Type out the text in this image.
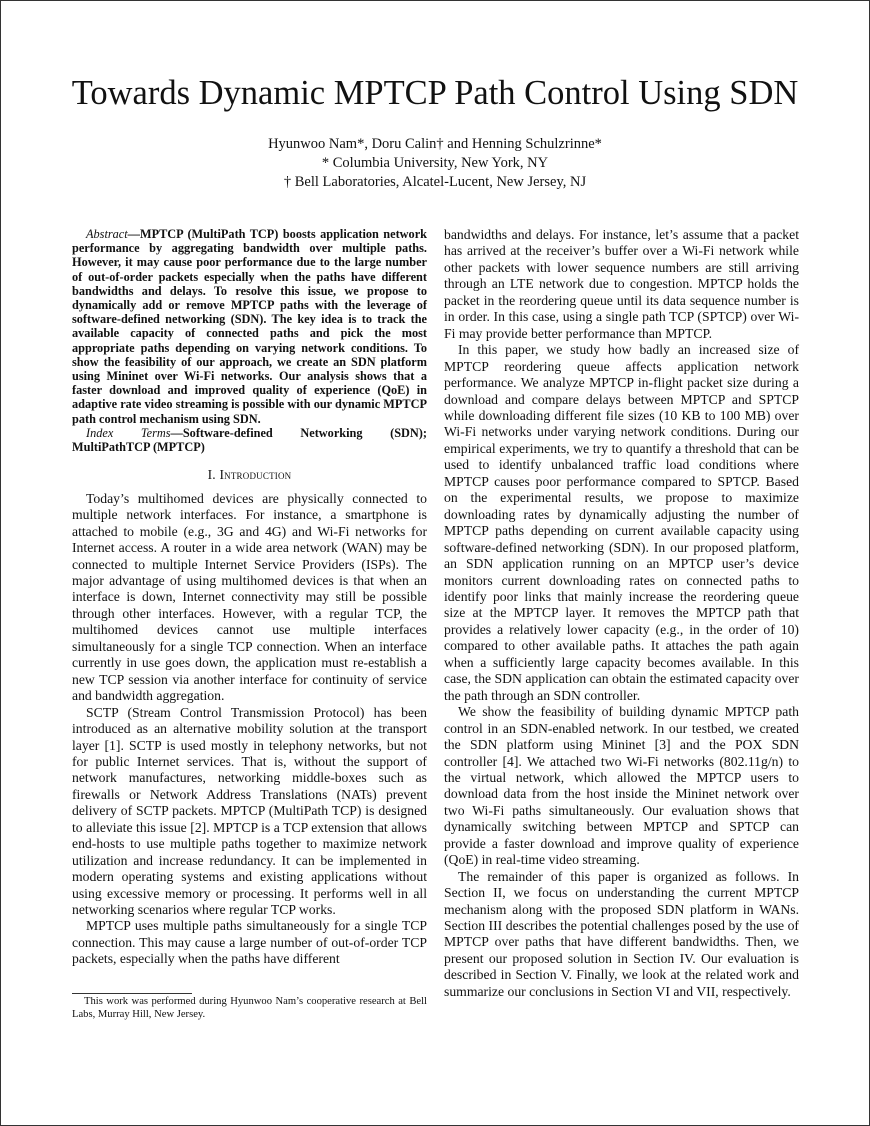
Towards Dynamic MPTCP Path Control Using SDN
Hyunwoo Nam*, Doru Calin† and Henning Schulzrinne*
* Columbia University, New York, NY
† Bell Laboratories, Alcatel-Lucent, New Jersey, NJ

Abstract—MPTCP (MultiPath TCP) boosts application network performance by aggregating bandwidth over multiple paths. However, it may cause poor performance due to the large number of out-of-order packets especially when the paths have different bandwidths and delays. To resolve this issue, we propose to dynamically add or remove MPTCP paths with the leverage of software-defined networking (SDN). The key idea is to track the available capacity of connected paths and pick the most appropriate paths depending on varying network conditions. To show the feasibility of our approach, we create an SDN platform using Mininet over Wi-Fi networks. Our analysis shows that a faster download and improved quality of experience (QoE) in adaptive rate video streaming is possible with our dynamic MPTCP path control mechanism using SDN.

Index Terms—Software-defined Networking (SDN); MultiPathTCP (MPTCP)

I. Introduction

Today’s multihomed devices are physically connected to multiple network interfaces. For instance, a smartphone is attached to mobile (e.g., 3G and 4G) and Wi-Fi networks for Internet access. A router in a wide area network (WAN) may be connected to multiple Internet Service Providers (ISPs). The major advantage of using multihomed devices is that when an interface is down, Internet connectivity may still be possible through other interfaces. However, with a regular TCP, the multihomed devices cannot use multiple interfaces simultaneously for a single TCP connection. When an interface currently in use goes down, the application must re-establish a new TCP session via another interface for continuity of service and bandwidth aggregation.

SCTP (Stream Control Transmission Protocol) has been introduced as an alternative mobility solution at the transport layer [1]. SCTP is used mostly in telephony networks, but not for public Internet services. That is, without the support of network manufactures, networking middle-boxes such as firewalls or Network Address Translations (NATs) prevent delivery of SCTP packets. MPTCP (MultiPath TCP) is designed to alleviate this issue [2]. MPTCP is a TCP extension that allows end-hosts to use multiple paths together to maximize network utilization and increase redundancy. It can be implemented in modern operating systems and existing applications without using excessive memory or processing. It performs well in all networking scenarios where regular TCP works.

MPTCP uses multiple paths simultaneously for a single TCP connection. This may cause a large number of out-of-order TCP packets, especially when the paths have different

bandwidths and delays. For instance, let’s assume that a packet has arrived at the receiver’s buffer over a Wi-Fi network while other packets with lower sequence numbers are still arriving through an LTE network due to congestion. MPTCP holds the packet in the reordering queue until its data sequence number is in order. In this case, using a single path TCP (SPTCP) over Wi-Fi may provide better performance than MPTCP.

In this paper, we study how badly an increased size of MPTCP reordering queue affects application network performance. We analyze MPTCP in-flight packet size during a download and compare delays between MPTCP and SPTCP while downloading different file sizes (10 KB to 100 MB) over Wi-Fi networks under varying network conditions. During our empirical experiments, we try to quantify a threshold that can be used to identify unbalanced traffic load conditions where MPTCP causes poor performance compared to SPTCP. Based on the experimental results, we propose to maximize downloading rates by dynamically adjusting the number of MPTCP paths depending on current available capacity using software-defined networking (SDN). In our proposed platform, an SDN application running on an MPTCP user’s device monitors current downloading rates on connected paths to identify poor links that mainly increase the reordering queue size at the MPTCP layer. It removes the MPTCP path that provides a relatively lower capacity (e.g., in the order of 10) compared to other available paths. It attaches the path again when a sufficiently large capacity becomes available. In this case, the SDN application can obtain the estimated capacity over the path through an SDN controller.

We show the feasibility of building dynamic MPTCP path control in an SDN-enabled network. In our testbed, we created the SDN platform using Mininet [3] and the POX SDN controller [4]. We attached two Wi-Fi networks (802.11g/n) to the virtual network, which allowed the MPTCP users to download data from the host inside the Mininet network over two Wi-Fi paths simultaneously. Our evaluation shows that dynamically switching between MPTCP and SPTCP can provide a faster download and improve quality of experience (QoE) in real-time video streaming.

The remainder of this paper is organized as follows. In Section II, we focus on understanding the current MPTCP mechanism along with the proposed SDN platform in WANs. Section III describes the potential challenges posed by the use of MPTCP over paths that have different bandwidths. Then, we present our proposed solution in Section IV. Our evaluation is described in Section V. Finally, we look at the related work and summarize our conclusions in Section VI and VII, respectively.

This work was performed during Hyunwoo Nam’s cooperative research at Bell Labs, Murray Hill, New Jersey.
